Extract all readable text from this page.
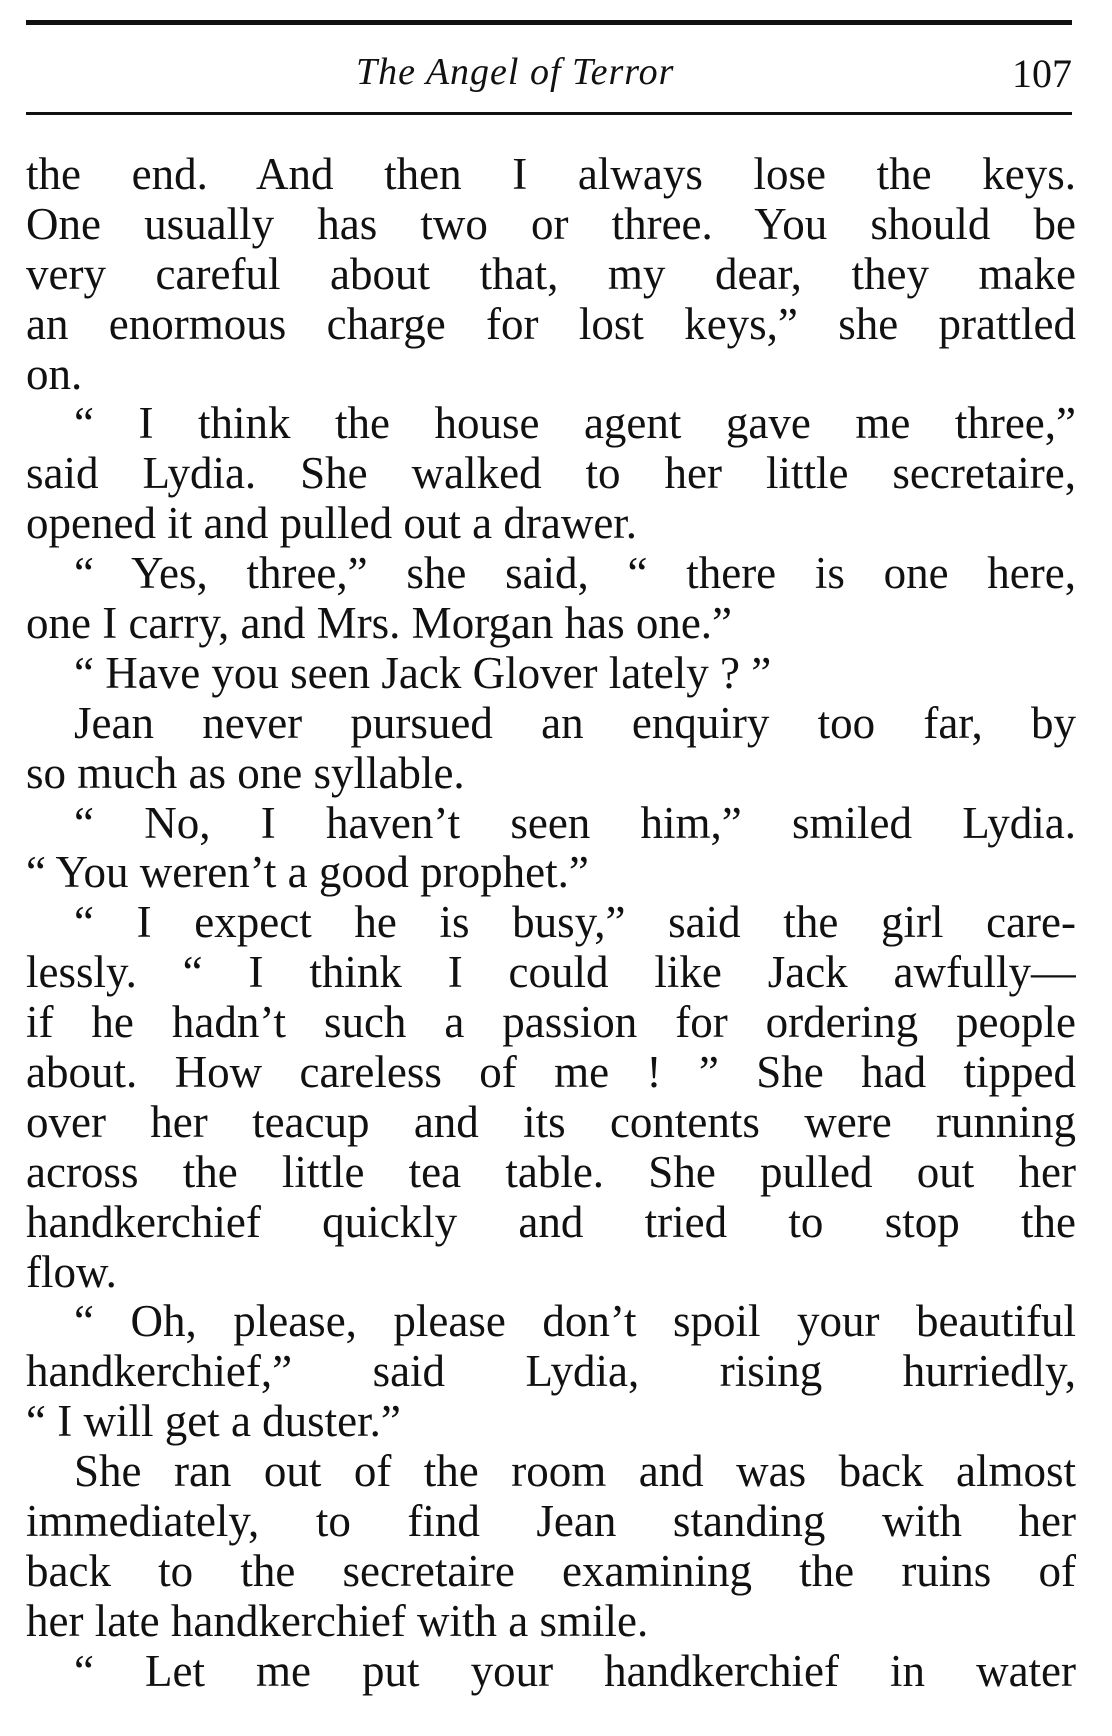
The Angel of Terror	107
the end. And then I always lose the keys.
One usually has two or three. You should be
very careful about that, my dear, they make
an enormous charge for lost keys,” she prattled
on.
“ I think the house agent gave me three,”
said Lydia. She walked to her little secretaire,
opened it and pulled out a drawer.
“ Yes, three,” she said, “ there is one here,
one I carry, and Mrs. Morgan has one.”
“ Have you seen Jack Glover lately ? ”
Jean never pursued an enquiry too far, by
so much as one syllable.
“ No, I haven’t seen him,” smiled Lydia.
“ You weren’t a good prophet.”
“ I expect he is busy,” said the girl care-
lessly. “ I think I could like Jack awfully—
if he hadn’t such a passion for ordering people
about. How careless of me ! ” She had tipped
over her teacup and its contents were running
across the little tea table. She pulled out her
handkerchief quickly and tried to stop the
flow.
“ Oh, please, please don’t spoil your beautiful
handkerchief,” said Lydia, rising hurriedly,
“ I will get a duster.”
She ran out of the room and was back almost
immediately, to find Jean standing with her
back to the secretaire examining the ruins of
her late handkerchief with a smile.
“ Let me put your handkerchief in water
